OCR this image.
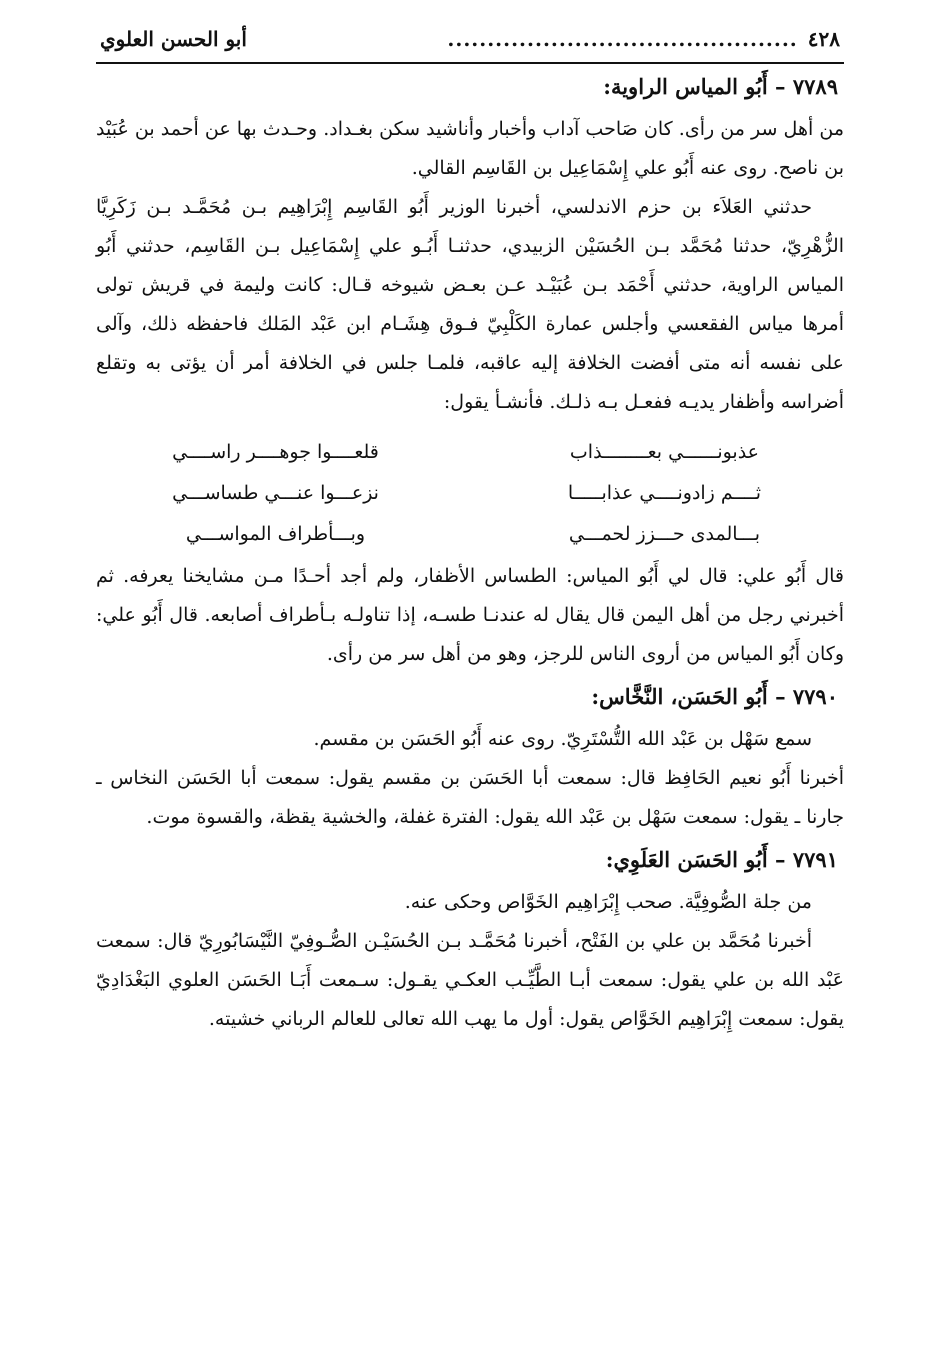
٤٢٨
............................................
أبو الحسن العلوي
٧٧٨٩ – أَبُو المياس الراوية:

من أهل سر من رأى. كان صَاحب آداب وأخبار وأناشيد سكن بغـداد. وحـدث بها عن أحمد بن عُبَيْد بن ناصح. روى عنه أَبُو علي إِسْمَاعِيل بن القَاسِم القالي.

حدثني العَلاَء بن حزم الاندلسي، أخبرنا الوزير أَبُو القَاسِم إِبْرَاهِيم بـن مُحَمَّـد بـن زَكَرِيَّا الزُّهْرِيّ، حدثنا مُحَمَّد بـن الحُسَيْن الزبيدي، حدثنـا أَبُـو علي إِسْمَاعِيل بـن القَاسِم، حدثني أَبُو المياس الراوية، حدثني أَحْمَد بـن عُبَيْـد عـن بعـض شيوخه قـال: كانت وليمة في قريش تولى أمرها مياس الفقعسي وأجلس عمارة الكَلْبِيّ فـوق هِشَـام ابن عَبْد المَلك فاحفظه ذلك، وآلى على نفسه أنه متى أفضت الخلافة إليه عاقبه، فلمـا جلس في الخلافة أمر أن يؤتى به وتقلع أضراسه وأظفار يديـه ففعـل بـه ذلـك. فأنشـأ يقول:

عذبونــــــي بعــــــــذاب
قلعــــوا جوهــــر راســــي
ثــــم زادونــــي عذابـــــا
نزعـــوا عنـــي طساســـي
بـــالمدى حـــزز لحمـــي
وبـــأطراف المواســـي

قال أَبُو علي: قال لي أَبُو المياس: الطساس الأظفار، ولم أجد أحـدًا مـن مشايخنا يعرفه. ثم أخبرني رجل من أهل اليمن قال يقال له عندنـا طسـه، إذا تناولـه بـأطراف أصابعه. قال أَبُو علي: وكان أَبُو المياس من أروى الناس للرجز، وهو من أهل سر من رأى.

٧٧٩٠ – أَبُو الحَسَن، النَّخَّاس:

سمع سَهْل بن عَبْد الله التُّسْتَرِيّ. روى عنه أَبُو الحَسَن بن مقسم.

أخبرنا أَبُو نعيم الحَافِظ قال: سمعت أبا الحَسَن بن مقسم يقول: سمعت أبا الحَسَن النخاس ـ جارنا ـ يقول: سمعت سَهْل بن عَبْد الله يقول: الفترة غفلة، والخشية يقظة، والقسوة موت.

٧٧٩١ – أَبُو الحَسَن العَلَوِي:

من جلة الصُّوفِيَّة. صحب إِبْرَاهِيم الخَوَّاص وحكى عنه.

أخبرنا مُحَمَّد بن علي بن الفَتْح، أخبرنا مُحَمَّـد بـن الحُسَيْـن الصُّـوفِيّ النَّيْسَابُورِيّ قال: سمعت عَبْد الله بن علي يقول: سمعت أبـا الطَّيِّـب العكـي يقـول: سـمعت أَبَـا الحَسَن العلوي البَغْدَادِيّ يقول: سمعت إِبْرَاهِيم الخَوَّاص يقول: أول ما يهب الله تعالى للعالم الرباني خشيته.
